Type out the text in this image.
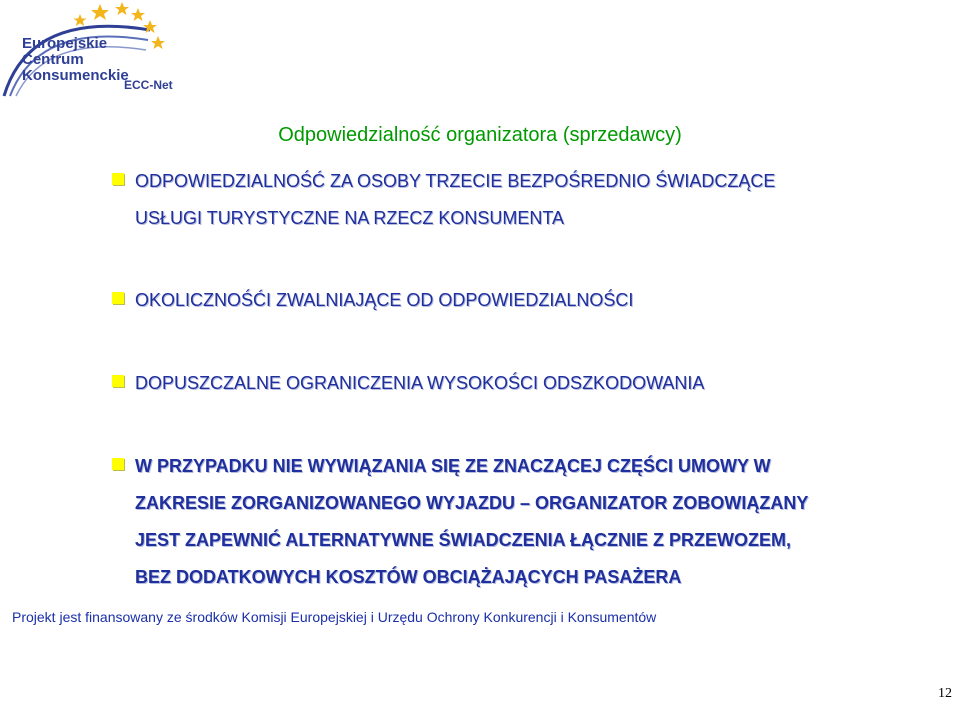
Europejskie
Centrum
Konsumenckie
ECC-Net
Odpowiedzialność organizatora (sprzedawcy)
ODPOWIEDZIALNOŚĆ ZA OSOBY TRZECIE BEZPOŚREDNIO ŚWIADCZĄCE
USŁUGI TURYSTYCZNE NA RZECZ KONSUMENTA
OKOLICZNOŚĆI ZWALNIAJĄCE OD ODPOWIEDZIALNOŚCI
DOPUSZCZALNE OGRANICZENIA WYSOKOŚCI ODSZKODOWANIA
W PRZYPADKU NIE WYWIĄZANIA SIĘ ZE ZNACZĄCEJ CZĘŚCI UMOWY W
ZAKRESIE ZORGANIZOWANEGO WYJAZDU – ORGANIZATOR ZOBOWIĄZANY
JEST ZAPEWNIĆ ALTERNATYWNE ŚWIADCZENIA ŁĄCZNIE Z PRZEWOZEM,
BEZ DODATKOWYCH KOSZTÓW OBCIĄŻAJĄCYCH PASAŻERA
Projekt jest finansowany ze środków Komisji Europejskiej i Urzędu Ochrony Konkurencji i Konsumentów
12
